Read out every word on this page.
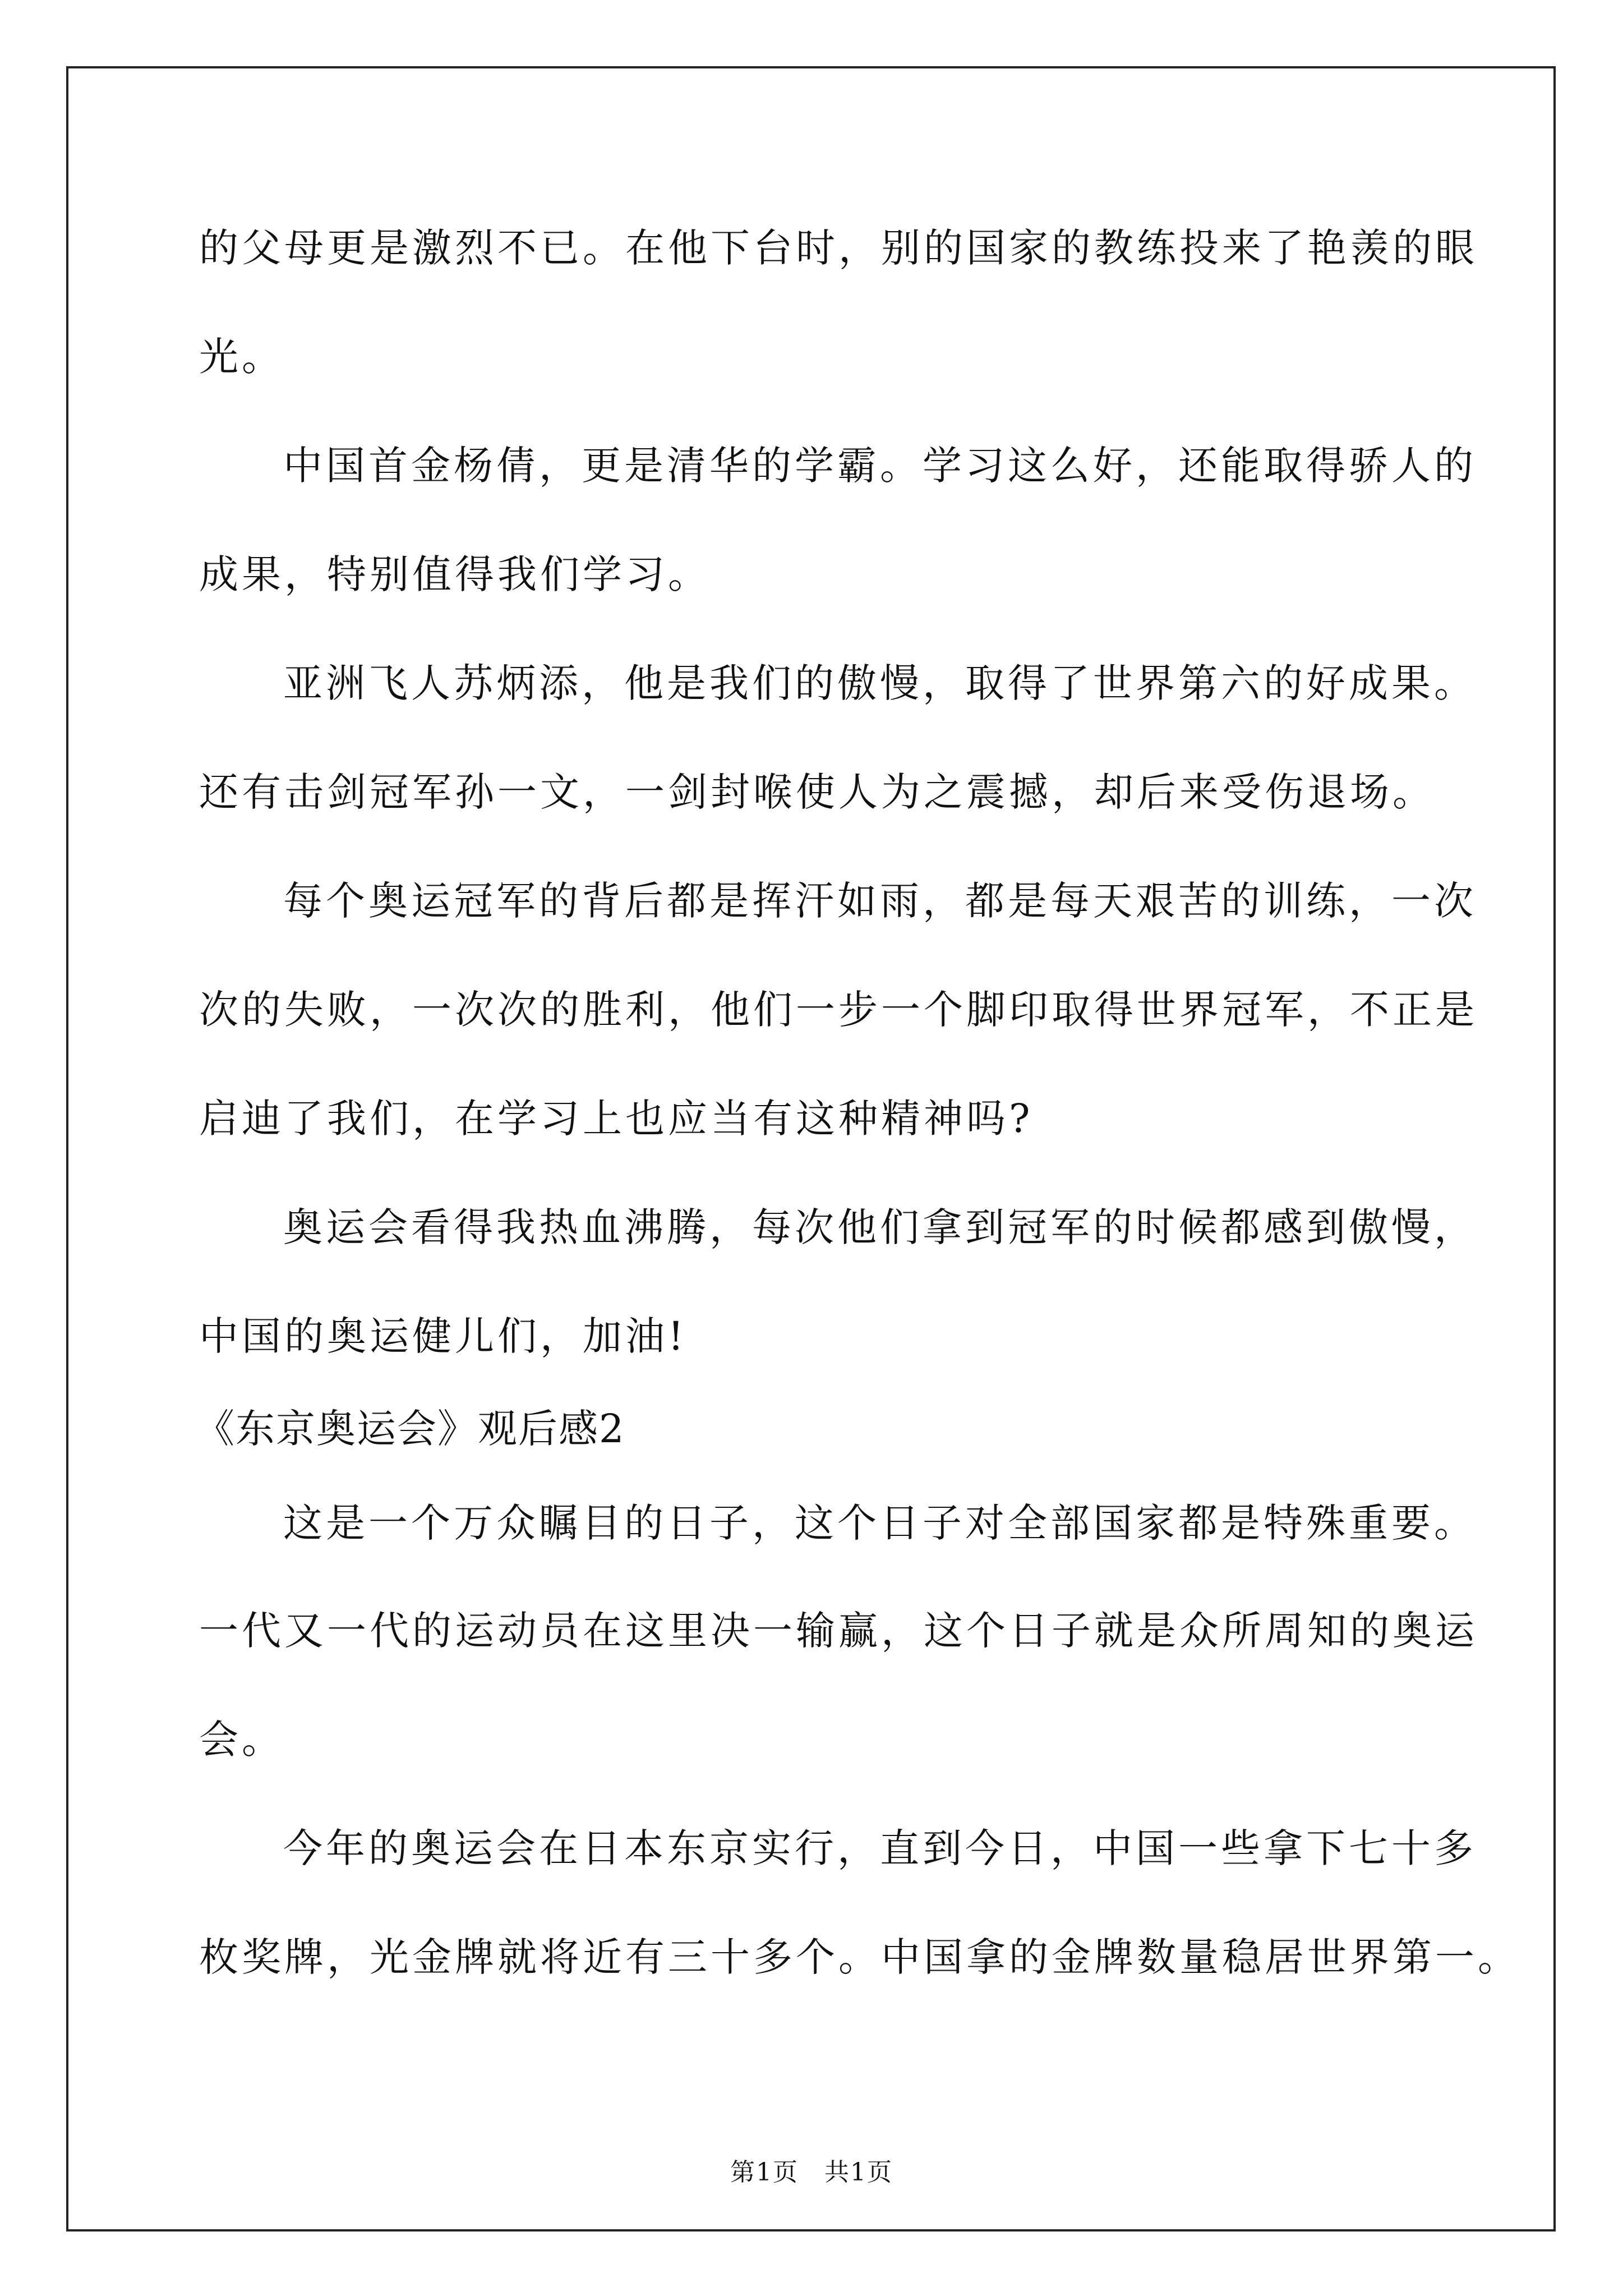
的父母更是激烈不已。在他下台时，别的国家的教练投来了艳羡的眼
光。
中国首金杨倩，更是清华的学霸。学习这么好，还能取得骄人的
成果，特别值得我们学习。
亚洲飞人苏炳添，他是我们的傲慢，取得了世界第六的好成果。
还有击剑冠军孙一文，一剑封喉使人为之震撼，却后来受伤退场。
每个奥运冠军的背后都是挥汗如雨，都是每天艰苦的训练，一次
次的失败，一次次的胜利，他们一步一个脚印取得世界冠军，不正是
启迪了我们，在学习上也应当有这种精神吗?
奥运会看得我热血沸腾，每次他们拿到冠军的时候都感到傲慢，
中国的奥运健儿们，加油!
《东京奥运会》观后感2
这是一个万众瞩目的日子，这个日子对全部国家都是特殊重要。
一代又一代的运动员在这里决一输赢，这个日子就是众所周知的奥运
会。
今年的奥运会在日本东京实行，直到今日，中国一些拿下七十多
枚奖牌，光金牌就将近有三十多个。中国拿的金牌数量稳居世界第一。
第1页　共1页
